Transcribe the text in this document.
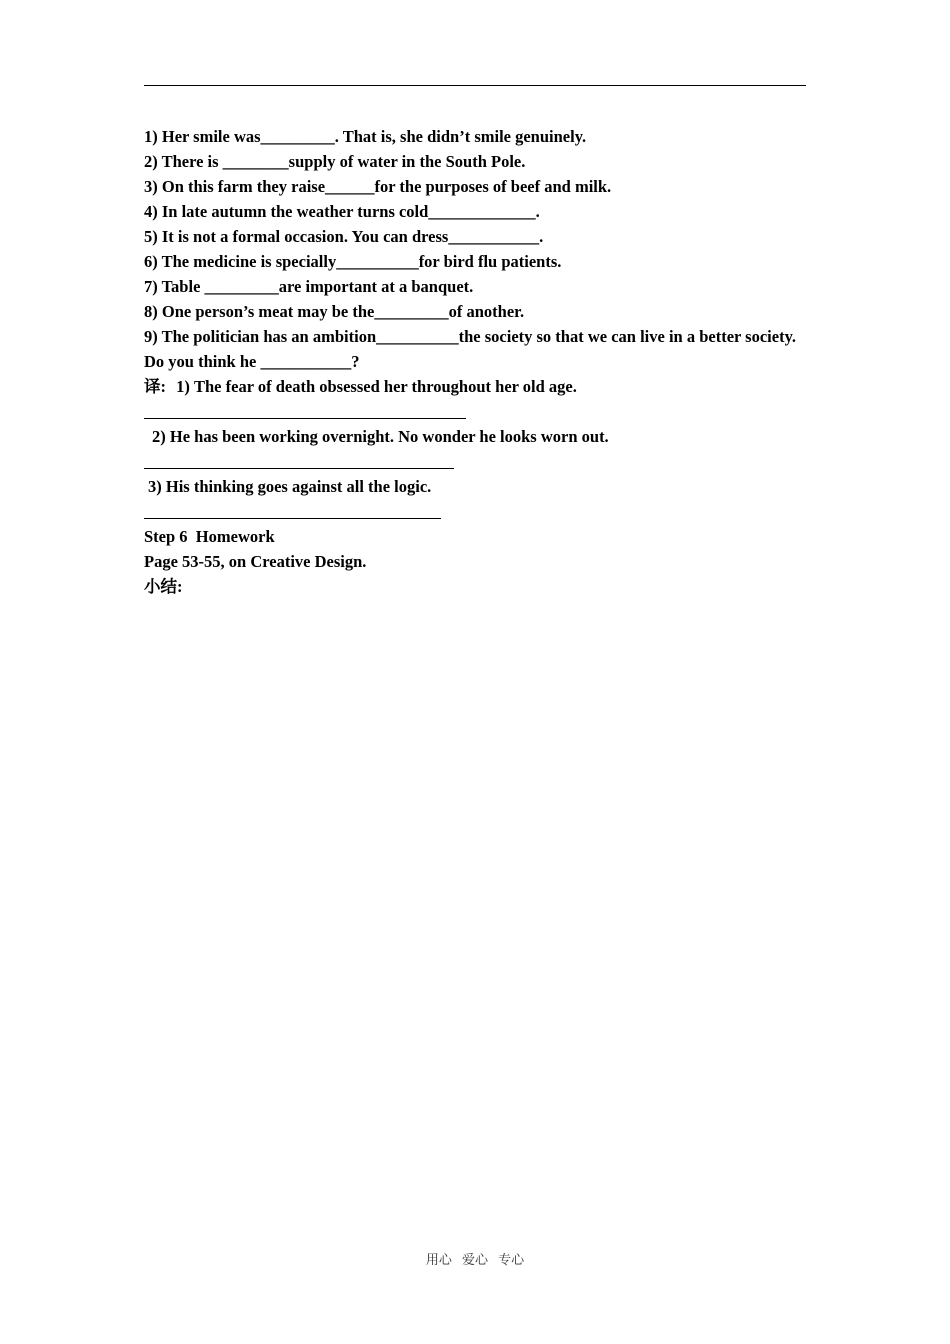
1) Her smile was_________. That is, she didn’t smile genuinely.
2) There is ________supply of water in the South Pole.
3) On this farm they raise______for the purposes of beef and milk.
4) In late autumn the weather turns cold_____________.
5) It is not a formal occasion. You can dress___________.
6) The medicine is specially__________for bird flu patients.
7) Table _________are important at a banquet.
8) One person’s meat may be the_________of another.
9) The politician has an ambition__________the society so that we can live in a better society.
Do you think he ___________?
译: 1) The fear of death obsessed her throughout her old age.
2) He has been working overnight. No wonder he looks worn out.
3) His thinking goes against all the logic.
Step 6  Homework
Page 53-55, on Creative Design.
小结:
用心 爱心 专心
